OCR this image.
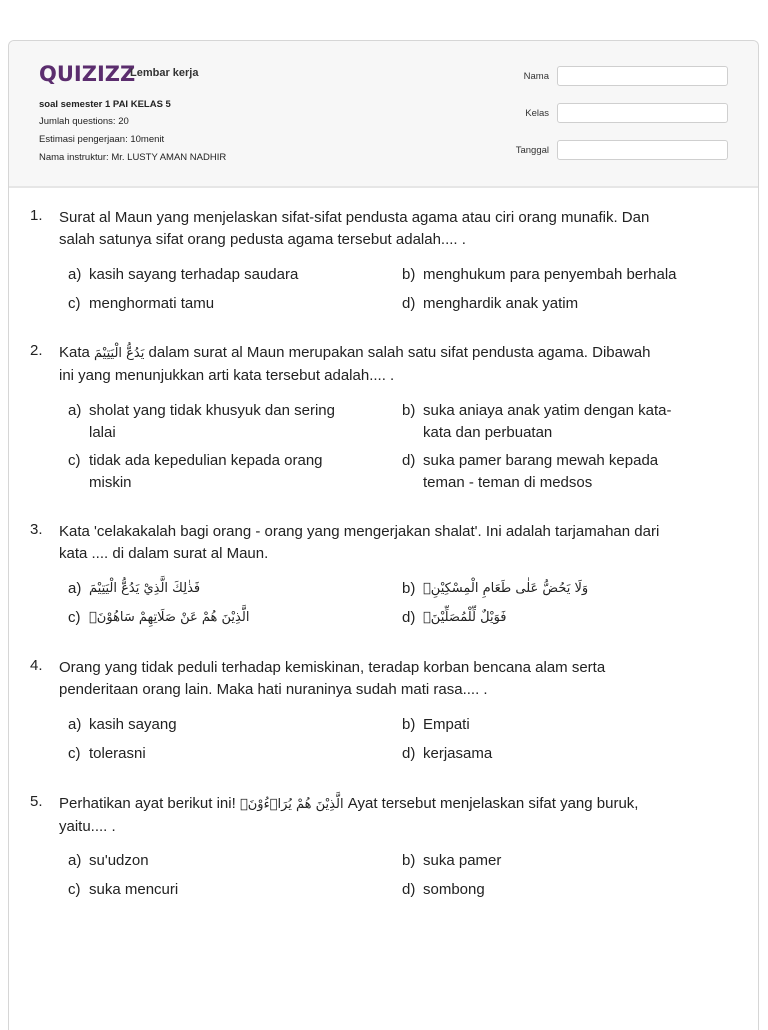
QUIZIZZ
Lembar kerja
soal semester 1 PAI KELAS 5
Jumlah questions: 20
Estimasi pengerjaan: 10menit
Nama instruktur: Mr. LUSTY AMAN NADHIR
Nama
Kelas
Tanggal
1. Surat al Maun yang menjelaskan sifat-sifat pendusta agama atau ciri orang munafik. Dan
salah satunya sifat orang pedusta agama tersebut adalah.... .
a) kasih sayang terhadap saudara	b) menghukum para penyembah berhala
c) menghormati tamu	d) menghardik anak yatim
2. Kata يَدُعُّ الْيَتِيْمَ dalam surat al Maun merupakan salah satu sifat pendusta agama. Dibawah
ini yang menunjukkan arti kata tersebut adalah.... .
a) sholat yang tidak khusyuk dan sering
lalai
b) suka aniaya anak yatim dengan kata-
kata dan perbuatan
c) tidak ada kepedulian kepada orang
miskin
d) suka pamer barang mewah kepada
teman - teman di medsos
3. Kata 'celakakalah bagi orang - orang yang mengerjakan shalat'. Ini adalah tarjamahan dari
kata .... di dalam surat al Maun.
a) فَذٰلِكَ الَّذِيْ يَدُعُّ الْيَتِيْمَ	b) وَلَا يَحُضُّ عَلٰى طَعَامِ الْمِسْكِيْنِۗ
c) الَّذِيْنَ هُمْ عَنْ صَلَاتِهِمْ سَاهُوْنَۙ	d) فَوَيْلٌ لِّلْمُصَلِّيْنَۙ
4. Orang yang tidak peduli terhadap kemiskinan, teradap korban bencana alam serta
penderitaan orang lain. Maka hati nuraninya sudah mati rasa.... .
a) kasih sayang	b) Empati
c) tolerasni	d) kerjasama
5. Perhatikan ayat berikut ini! الَّذِيْنَ هُمْ يُرَاۤءُوْنَۙ Ayat tersebut menjelaskan sifat yang buruk,
yaitu.... .
a) su'udzon	b) suka pamer
c) suka mencuri	d) sombong
